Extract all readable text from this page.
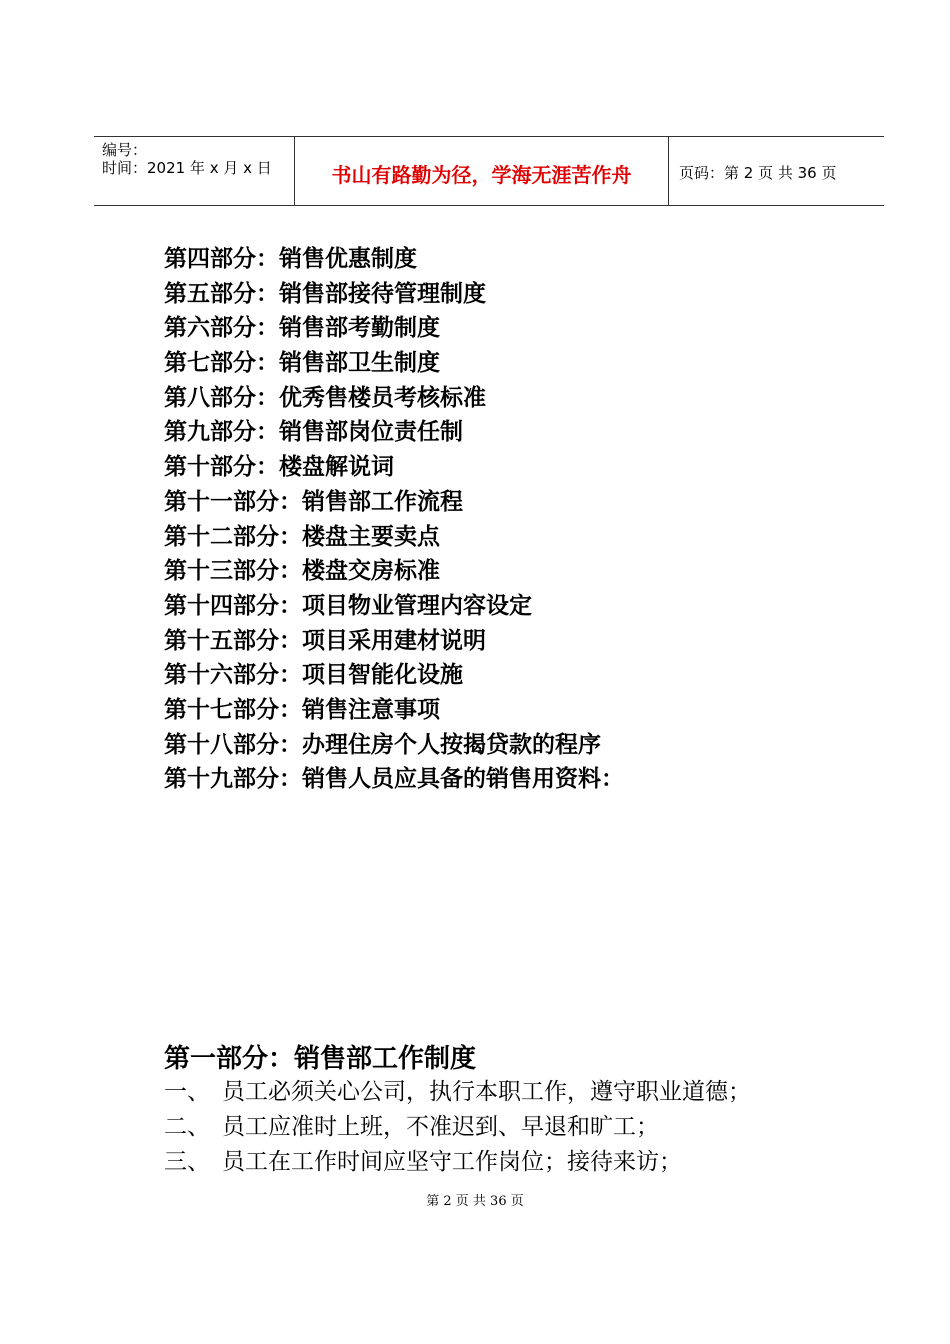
编号：
时间：2021 年 x 月 x 日	书山有路勤为径，学海无涯苦作舟	页码：第 2 页 共 36 页
第四部分：销售优惠制度
第五部分：销售部接待管理制度
第六部分：销售部考勤制度
第七部分：销售部卫生制度
第八部分：优秀售楼员考核标准
第九部分：销售部岗位责任制
第十部分：楼盘解说词
第十一部分：销售部工作流程
第十二部分：楼盘主要卖点
第十三部分：楼盘交房标准
第十四部分：项目物业管理内容设定
第十五部分：项目采用建材说明
第十六部分：项目智能化设施
第十七部分：销售注意事项
第十八部分：办理住房个人按揭贷款的程序
第十九部分：销售人员应具备的销售用资料：
第一部分：销售部工作制度
一、 员工必须关心公司，执行本职工作，遵守职业道德；
二、 员工应准时上班，不准迟到、早退和旷工；
三、 员工在工作时间应坚守工作岗位；接待来访；
第 2 页 共 36 页
